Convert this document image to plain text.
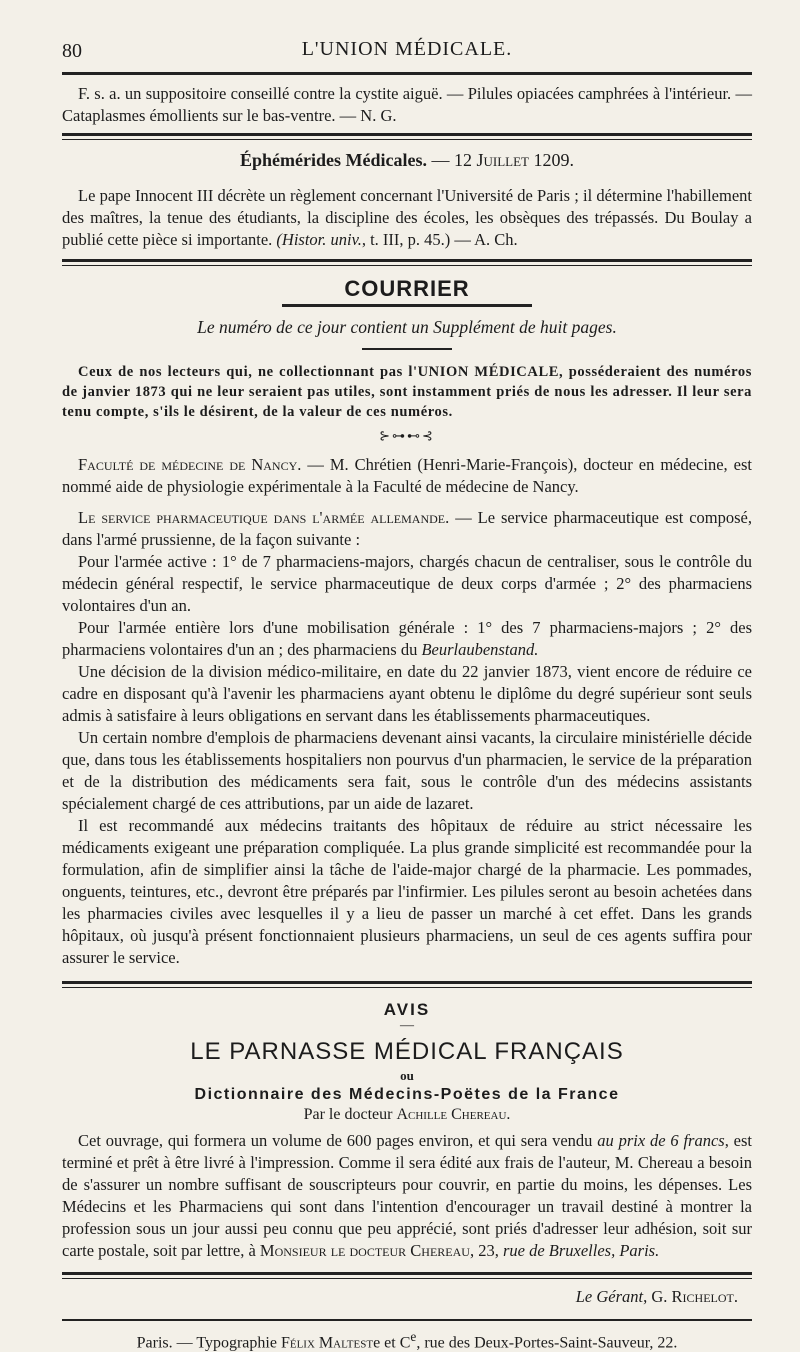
80	L'UNION MÉDICALE.

F. s. a. un suppositoire conseillé contre la cystite aiguë. — Pilules opiacées camphrées à l'intérieur. — Cataplasmes émollients sur le bas-ventre. — N. G.

Éphémérides Médicales. — 12 Juillet 1209.

Le pape Innocent III décrète un règlement concernant l'Université de Paris ; il détermine l'habillement des maîtres, la tenue des étudiants, la discipline des écoles, les obsèques des trépassés. Du Boulay a publié cette pièce si importante. (Histor. univ., t. III, p. 45.) — A. Ch.

COURRIER
Le numéro de ce jour contient un Supplément de huit pages.

Ceux de nos lecteurs qui, ne collectionnant pas l'UNION MÉDICALE, posséderaient des numéros de janvier 1873 qui ne leur seraient pas utiles, sont instamment priés de nous les adresser. Il leur sera tenu compte, s'ils le désirent, de la valeur de ces numéros.

⊱⊶⊷⊰

Faculté de médecine de Nancy. — M. Chrétien (Henri-Marie-François), docteur en médecine, est nommé aide de physiologie expérimentale à la Faculté de médecine de Nancy.

Le service pharmaceutique dans l'armée allemande. — Le service pharmaceutique est composé, dans l'armé prussienne, de la façon suivante :

Pour l'armée active : 1° de 7 pharmaciens-majors, chargés chacun de centraliser, sous le contrôle du médecin général respectif, le service pharmaceutique de deux corps d'armée ; 2° des pharmaciens volontaires d'un an.

Pour l'armée entière lors d'une mobilisation générale : 1° des 7 pharmaciens-majors ; 2° des pharmaciens volontaires d'un an ; des pharmaciens du Beurlaubenstand.

Une décision de la division médico-militaire, en date du 22 janvier 1873, vient encore de réduire ce cadre en disposant qu'à l'avenir les pharmaciens ayant obtenu le diplôme du degré supérieur sont seuls admis à satisfaire à leurs obligations en servant dans les établissements pharmaceutiques.

Un certain nombre d'emplois de pharmaciens devenant ainsi vacants, la circulaire ministérielle décide que, dans tous les établissements hospitaliers non pourvus d'un pharmacien, le service de la préparation et de la distribution des médicaments sera fait, sous le contrôle d'un des médecins assistants spécialement chargé de ces attributions, par un aide de lazaret.

Il est recommandé aux médecins traitants des hôpitaux de réduire au strict nécessaire les médicaments exigeant une préparation compliquée. La plus grande simplicité est recommandée pour la formulation, afin de simplifier ainsi la tâche de l'aide-major chargé de la pharmacie. Les pommades, onguents, teintures, etc., devront être préparés par l'infirmier. Les pilules seront au besoin achetées dans les pharmacies civiles avec lesquelles il y a lieu de passer un marché à cet effet. Dans les grands hôpitaux, où jusqu'à présent fonctionnaient plusieurs pharmaciens, un seul de ces agents suffira pour assurer le service.

AVIS
—
LE PARNASSE MÉDICAL FRANÇAIS
ou
Dictionnaire des Médecins-Poëtes de la France
Par le docteur Achille Chereau.

Cet ouvrage, qui formera un volume de 600 pages environ, et qui sera vendu au prix de 6 francs, est terminé et prêt à être livré à l'impression. Comme il sera édité aux frais de l'auteur, M. Chereau a besoin de s'assurer un nombre suffisant de souscripteurs pour couvrir, en partie du moins, les dépenses. Les Médecins et les Pharmaciens qui sont dans l'intention d'encourager un travail destiné à montrer la profession sous un jour aussi peu connu que peu apprécié, sont priés d'adresser leur adhésion, soit sur carte postale, soit par lettre, à Monsieur le docteur Chereau, 23, rue de Bruxelles, Paris.

Le Gérant, G. Richelot.
Paris. — Typographie Félix Malteste et Ce, rue des Deux-Portes-Saint-Sauveur, 22.
